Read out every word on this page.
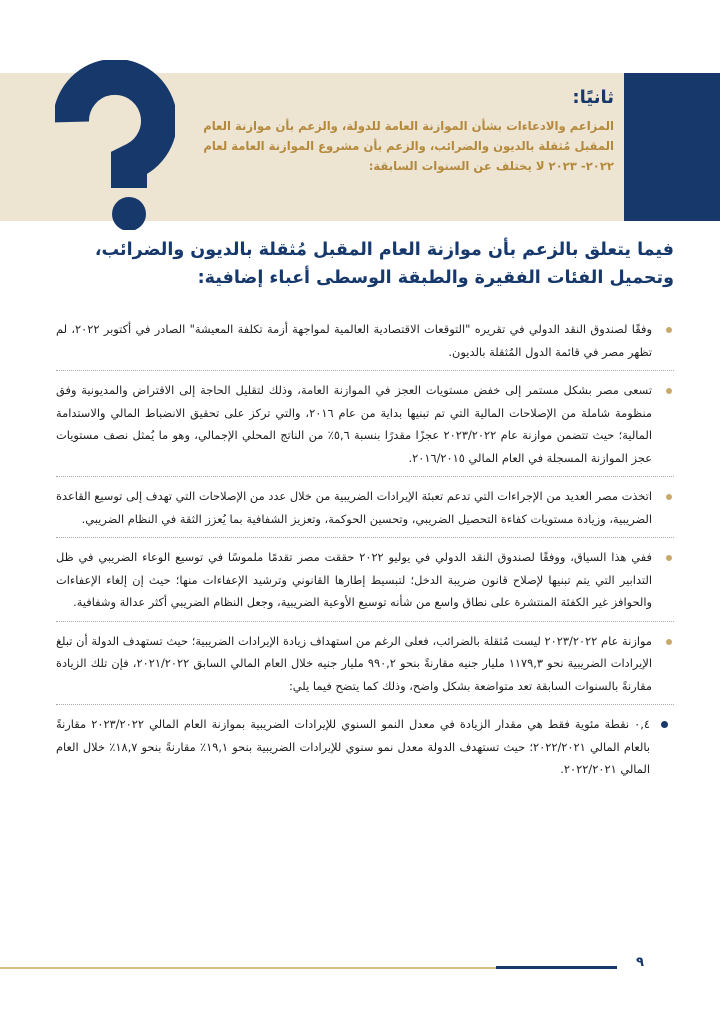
ثانيًا:
المزاعم والادعاءات بشأن الموازنة العامة للدولة، والزعم بأن موازنة العام المقبل مُثقلة بالديون والضرائب، والزعم بأن مشروع الموازنة العامة لعام ٢٠٢٢- ٢٠٢٣ لا يختلف عن السنوات السابقة:
فيما يتعلق بالزعم بأن موازنة العام المقبل مُثقلة بالديون والضرائب، وتحميل الفئات الفقيرة والطبقة الوسطى أعباء إضافية:
وفقًا لصندوق النقد الدولي في تقريره "التوقعات الاقتصادية العالمية لمواجهة أزمة تكلفة المعيشة" الصادر في أكتوبر ٢٠٢٢، لم تظهر مصر في قائمة الدول المُثقلة بالديون.
تسعى مصر بشكل مستمر إلى خفض مستويات العجز في الموازنة العامة، وذلك لتقليل الحاجة إلى الاقتراض والمديونية وفق منظومة شاملة من الإصلاحات المالية التي تم تبنيها بداية من عام ٢٠١٦، والتي تركز على تحقيق الانضباط المالي والاستدامة المالية؛ حيث تتضمن موازنة عام ٢٠٢٣/٢٠٢٢ عجزًا مقدرًا بنسبة ٥,٦٪ من الناتج المحلي الإجمالي، وهو ما يُمثل نصف مستويات عجز الموازنة المسجلة في العام المالي ٢٠١٦/٢٠١٥.
اتخذت مصر العديد من الإجراءات التي تدعم تعبئة الإيرادات الضريبية من خلال عدد من الإصلاحات التي تهدف إلى توسيع القاعدة الضريبية، وزيادة مستويات كفاءة التحصيل الضريبي، وتحسين الحوكمة، وتعزيز الشفافية بما يُعزز الثقة في النظام الضريبي.
ففي هذا السياق، ووفقًا لصندوق النقد الدولي في يوليو ٢٠٢٢ حققت مصر تقدمًا ملموسًا في توسيع الوعاء الضريبي في ظل التدابير التي يتم تبنيها لإصلاح قانون ضريبة الدخل؛ لتبسيط إطارها القانوني وترشيد الإعفاءات منها؛ حيث إن إلغاء الإعفاءات والحوافز غير الكفئة المنتشرة على نطاق واسع من شأنه توسيع الأوعية الضريبية، وجعل النظام الضريبي أكثر عدالة وشفافية.
موازنة عام ٢٠٢٣/٢٠٢٢ ليست مُثقلة بالضرائب، فعلى الرغم من استهداف زيادة الإيرادات الضريبية؛ حيث تستهدف الدولة أن تبلغ الإيرادات الضريبية نحو ١١٧٩,٣ مليار جنيه مقارنةً بنحو ٩٩٠,٢ مليار جنيه خلال العام المالي السابق ٢٠٢١/٢٠٢٢، فإن تلك الزيادة مقارنةً بالسنوات السابقة تعد متواضعة بشكل واضح، وذلك كما يتضح فيما يلي:
٠,٤ نقطة مئوية فقط هي مقدار الزيادة في معدل النمو السنوي للإيرادات الضريبية بموازنة العام المالي ٢٠٢٣/٢٠٢٢ مقارنةً بالعام المالي ٢٠٢٢/٢٠٢١؛ حيث تستهدف الدولة معدل نمو سنوي للإيرادات الضريبية بنحو ١٩,١٪ مقارنةً بنحو ١٨,٧٪ خلال العام المالي ٢٠٢٢/٢٠٢١.
٩
